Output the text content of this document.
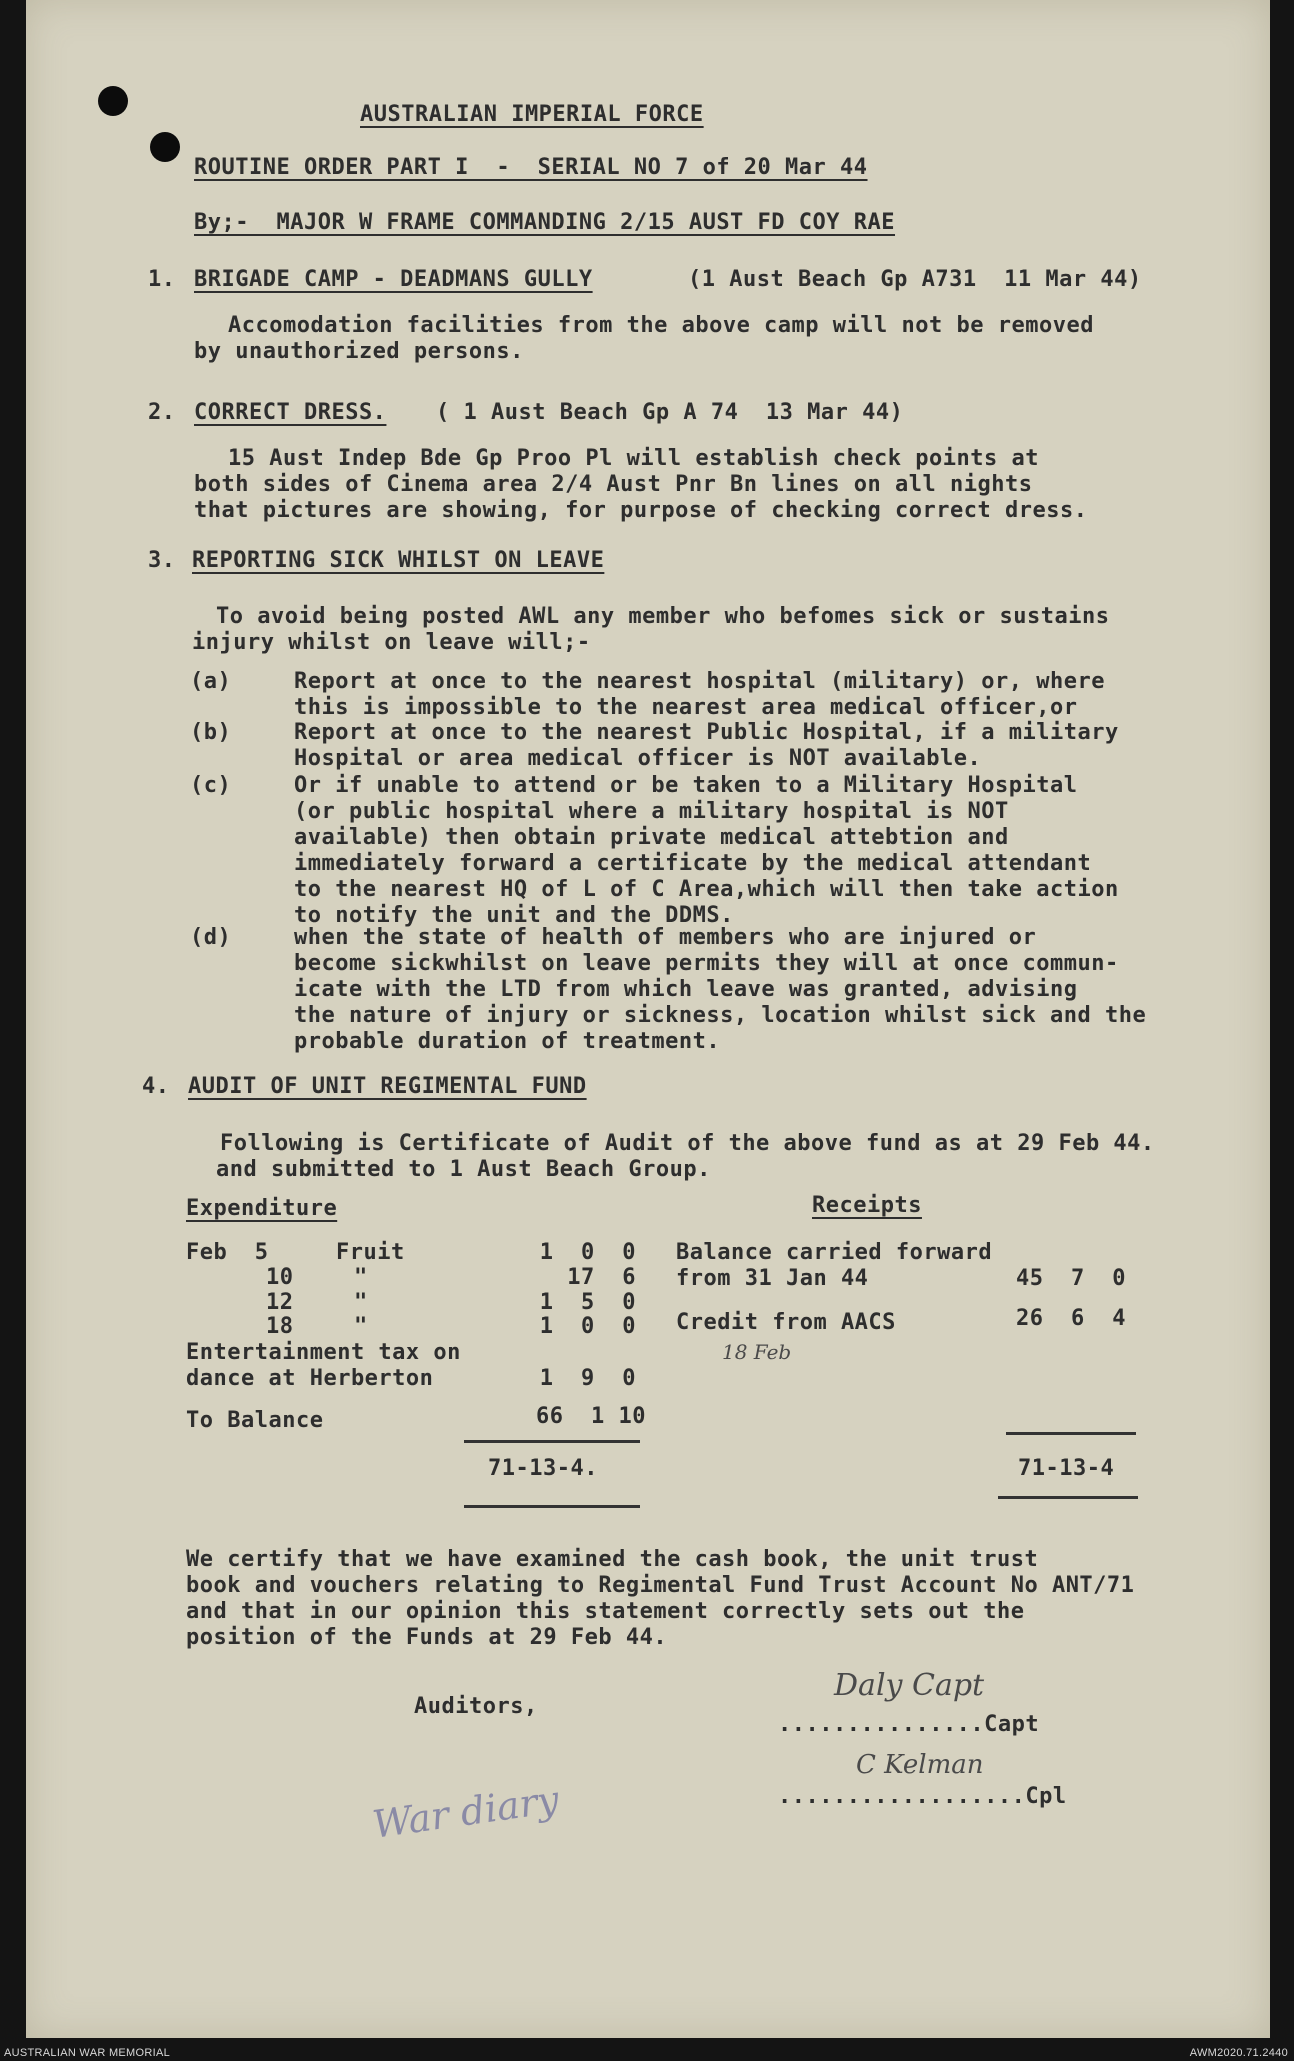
AUSTRALIAN IMPERIAL FORCE
ROUTINE ORDER PART I  -  SERIAL NO 7 of 20 Mar 44
By;-  MAJOR W FRAME COMMANDING 2/15 AUST FD COY RAE
1. BRIGADE CAMP - DEADMANS GULLY	(1 Aust Beach Gp A731  11 Mar 44)
Accomodation facilities from the above camp will not be removed
by unauthorized persons.
2. CORRECT DRESS. ( 1 Aust Beach Gp A 74  13 Mar 44)
15 Aust Indep Bde Gp Proo Pl will establish check points at
both sides of Cinema area 2/4 Aust Pnr Bn lines on all nights
that pictures are showing, for purpose of checking correct dress.
3. REPORTING SICK WHILST ON LEAVE
To avoid being posted AWL any member who befomes sick or sustains
injury whilst on leave will;-
(a)	Report at once to the nearest hospital (military) or, where
this is impossible to the nearest area medical officer,or
(b)	Report at once to the nearest Public Hospital, if a military
Hospital or area medical officer is NOT available.
(c)	Or if unable to attend or be taken to a Military Hospital
(or public hospital where a military hospital is NOT
available) then obtain private medical attebtion and
immediately forward a certificate by the medical attendant
to the nearest HQ of L of C Area,which will then take action
to notify the unit and the DDMS.
(d)	when the state of health of members who are injured or
become sickwhilst on leave permits they will at once commun-
icate with the LTD from which leave was granted, advising
the nature of injury or sickness, location whilst sick and the
probable duration of treatment.
4. AUDIT OF UNIT REGIMENTAL FUND
Following is Certificate of Audit of the above fund as at 29 Feb 44.
and submitted to 1 Aust Beach Group.
Expenditure	Receipts
Feb  5	Fruit	1  0  0
10	"	17  6
12	"	1  5  0
18	"	1  0  0
Entertainment tax on
dance at Herberton	1  9  0
To Balance	66  1 10
71-13-4.
Balance carried forward
from 31 Jan 44	45  7  0
Credit from AACS	26  6  4
18 Feb
71-13-4
We certify that we have examined the cash book, the unit trust
book and vouchers relating to Regimental Fund Trust Account No ANT/71
and that in our opinion this statement correctly sets out the
position of the Funds at 29 Feb 44.
Auditors,
Daly Capt
...............Capt
C Kelman
..................Cpl
War diary
AUSTRALIAN WAR MEMORIAL	AWM2020.71.2440
